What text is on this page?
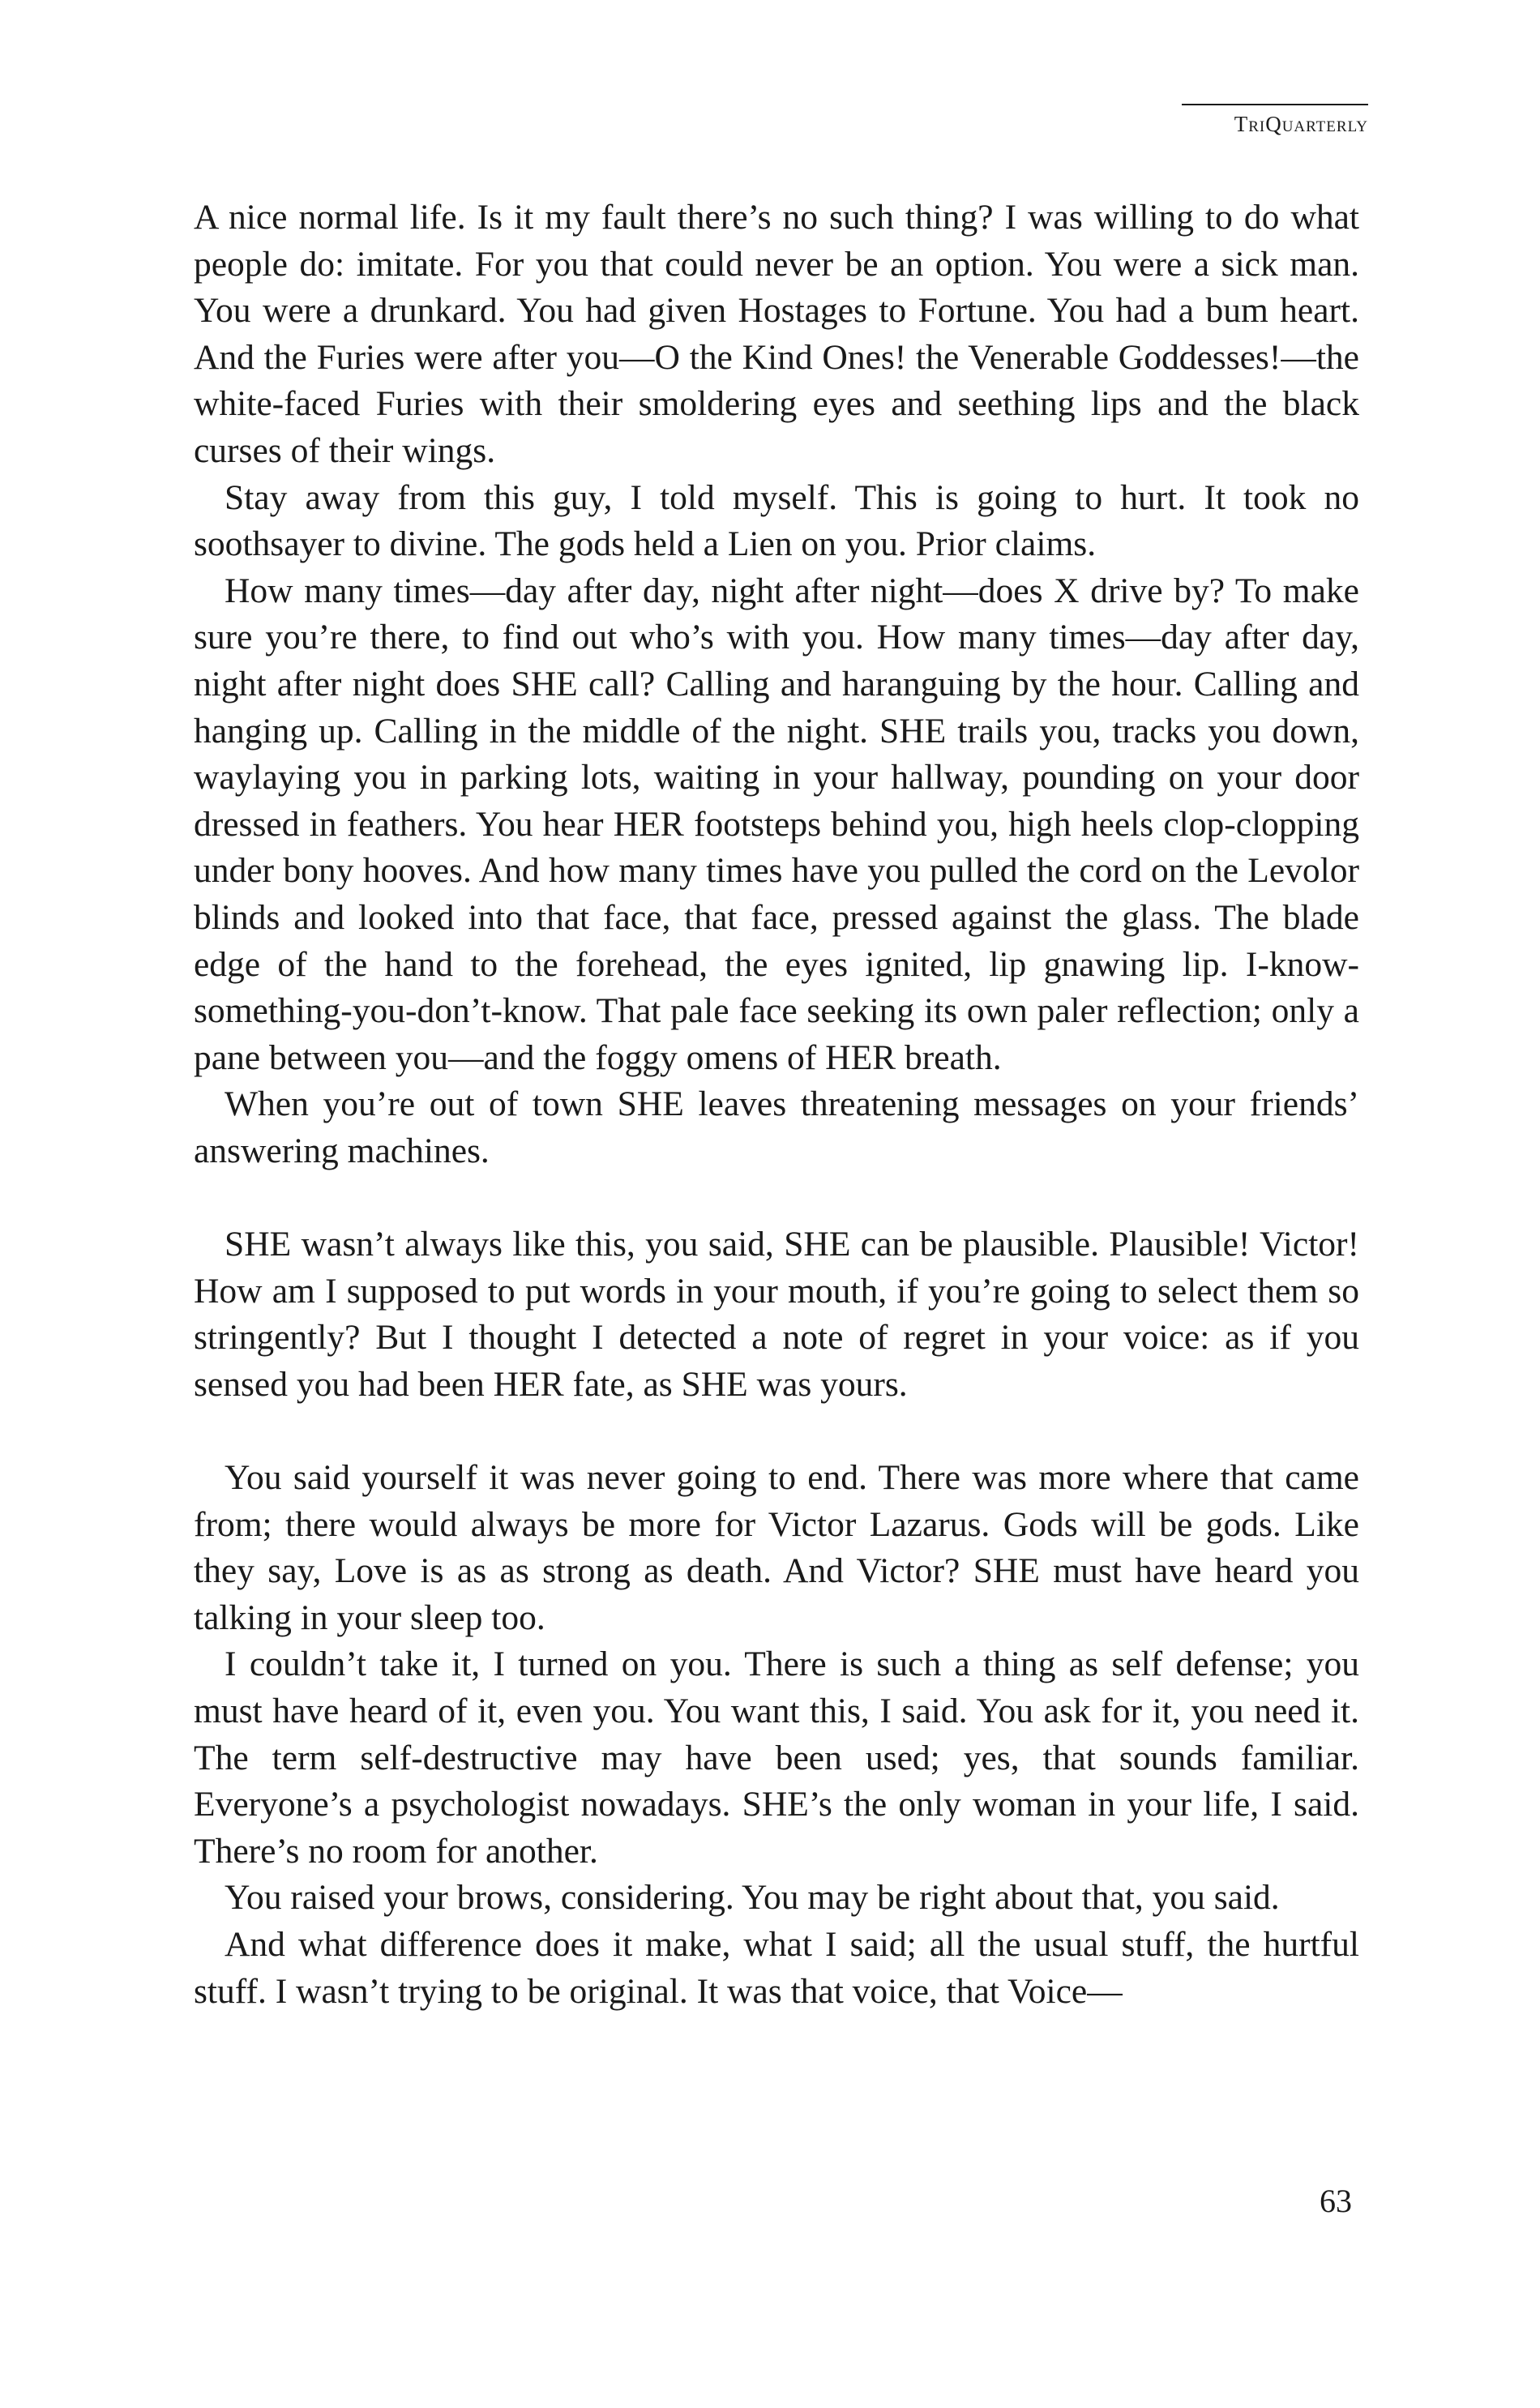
TriQuarterly

A nice normal life. Is it my fault there’s no such thing? I was willing to do what people do: imitate. For you that could never be an option. You were a sick man. You were a drunkard. You had given Hostages to Fortune. You had a bum heart. And the Furies were after you—O the Kind Ones! the Venerable Goddesses!—the white-faced Furies with their smoldering eyes and seething lips and the black curses of their wings.

Stay away from this guy, I told myself. This is going to hurt. It took no soothsayer to divine. The gods held a Lien on you. Prior claims.

How many times—day after day, night after night—does X drive by? To make sure you’re there, to find out who’s with you. How many times—day after day, night after night does SHE call? Calling and haranguing by the hour. Calling and hanging up. Calling in the middle of the night. SHE trails you, tracks you down, waylaying you in parking lots, waiting in your hallway, pounding on your door dressed in feathers. You hear HER footsteps behind you, high heels clop-clopping under bony hooves. And how many times have you pulled the cord on the Levolor blinds and looked into that face, that face, pressed against the glass. The blade edge of the hand to the forehead, the eyes ignited, lip gnawing lip. I-know-something-you-don’t-know. That pale face seeking its own paler reflection; only a pane between you—and the foggy omens of HER breath.

When you’re out of town SHE leaves threatening messages on your friends’ answering machines.

SHE wasn’t always like this, you said, SHE can be plausible. Plausible! Victor! How am I supposed to put words in your mouth, if you’re going to select them so stringently? But I thought I detected a note of regret in your voice: as if you sensed you had been HER fate, as SHE was yours.

You said yourself it was never going to end. There was more where that came from; there would always be more for Victor Lazarus. Gods will be gods. Like they say, Love is as as strong as death. And Victor? SHE must have heard you talking in your sleep too.

I couldn’t take it, I turned on you. There is such a thing as self defense; you must have heard of it, even you. You want this, I said. You ask for it, you need it. The term self-destructive may have been used; yes, that sounds familiar. Everyone’s a psychologist nowadays. SHE’s the only woman in your life, I said. There’s no room for another.

You raised your brows, considering. You may be right about that, you said.

And what difference does it make, what I said; all the usual stuff, the hurtful stuff. I wasn’t trying to be original. It was that voice, that Voice—

63
